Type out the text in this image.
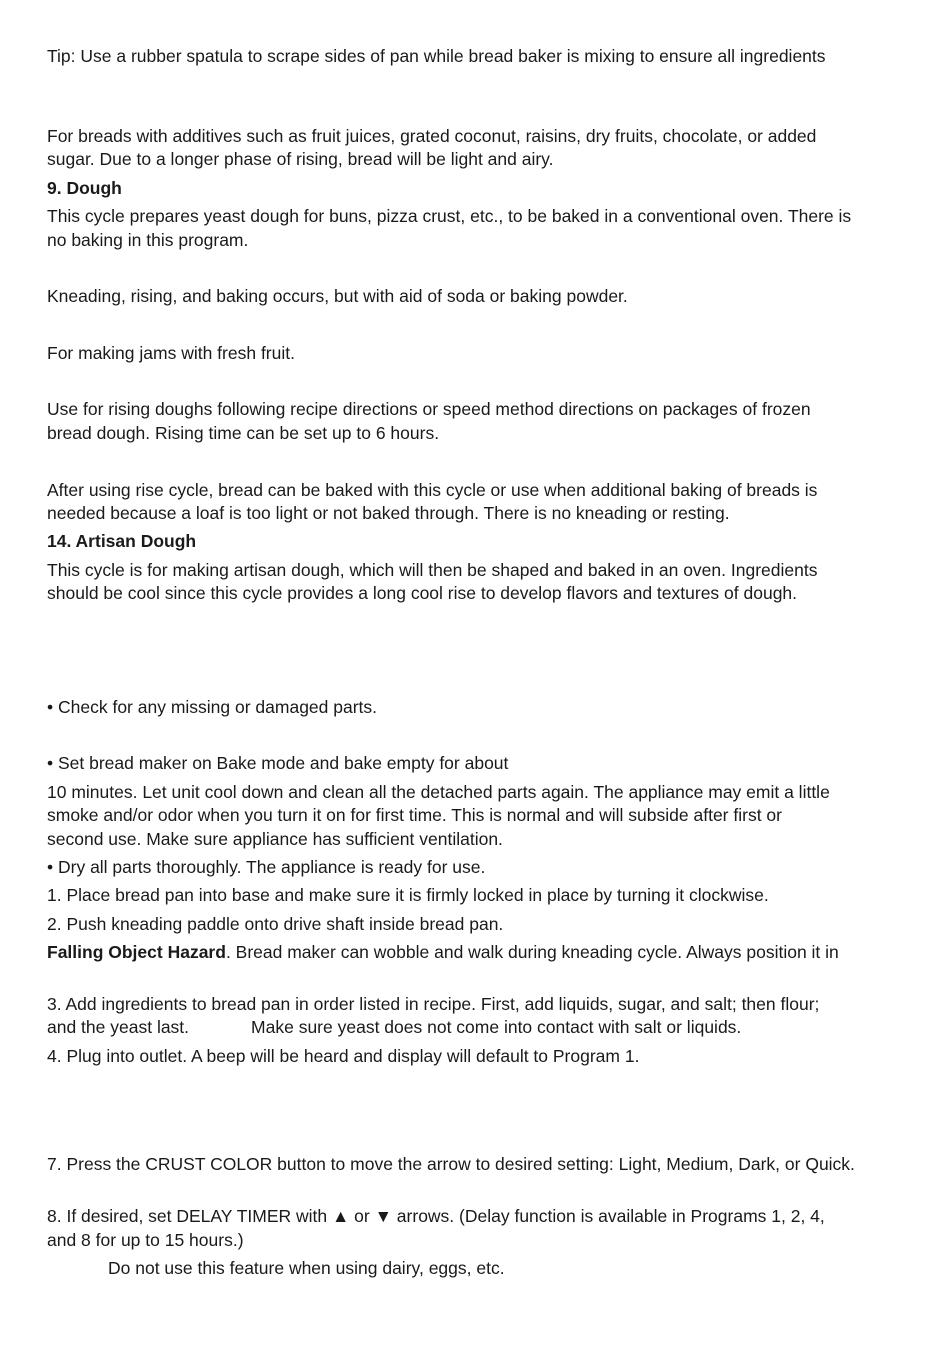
Tip: Use a rubber spatula to scrape sides of pan while bread baker is mixing to ensure all ingredients
For breads with additives such as fruit juices, grated coconut, raisins, dry fruits, chocolate, or added
sugar. Due to a longer phase of rising, bread will be light and airy.
9. Dough
This cycle prepares yeast dough for buns, pizza crust, etc., to be baked in a conventional oven. There is
no baking in this program.
Kneading, rising, and baking occurs, but with aid of soda or baking powder.
For making jams with fresh fruit.
Use for rising doughs following recipe directions or speed method directions on packages of frozen
bread dough. Rising time can be set up to 6 hours.
After using rise cycle, bread can be baked with this cycle or use when additional baking of breads is
needed because a loaf is too light or not baked through. There is no kneading or resting.
14. Artisan Dough
This cycle is for making artisan dough, which will then be shaped and baked in an oven. Ingredients
should be cool since this cycle provides a long cool rise to develop flavors and textures of dough.
• Check for any missing or damaged parts.
• Set bread maker on Bake mode and bake empty for about
10 minutes. Let unit cool down and clean all the detached parts again. The appliance may emit a little
smoke and/or odor when you turn it on for first time. This is normal and will subside after first or
second use. Make sure appliance has sufficient ventilation.
• Dry all parts thoroughly. The appliance is ready for use.
1. Place bread pan into base and make sure it is firmly locked in place by turning it clockwise.
2. Push kneading paddle onto drive shaft inside bread pan.
Falling Object Hazard. Bread maker can wobble and walk during kneading cycle. Always position it in
3. Add ingredients to bread pan in order listed in recipe. First, add liquids, sugar, and salt; then flour;
and the yeast last.	Make sure yeast does not come into contact with salt or liquids.
4. Plug into outlet. A beep will be heard and display will default to Program 1.
7. Press the CRUST COLOR button to move the arrow to desired setting: Light, Medium, Dark, or Quick.
8. If desired, set DELAY TIMER with ▲ or ▼ arrows. (Delay function is available in Programs 1, 2, 4,
and 8 for up to 15 hours.)
Do not use this feature when using dairy, eggs, etc.
